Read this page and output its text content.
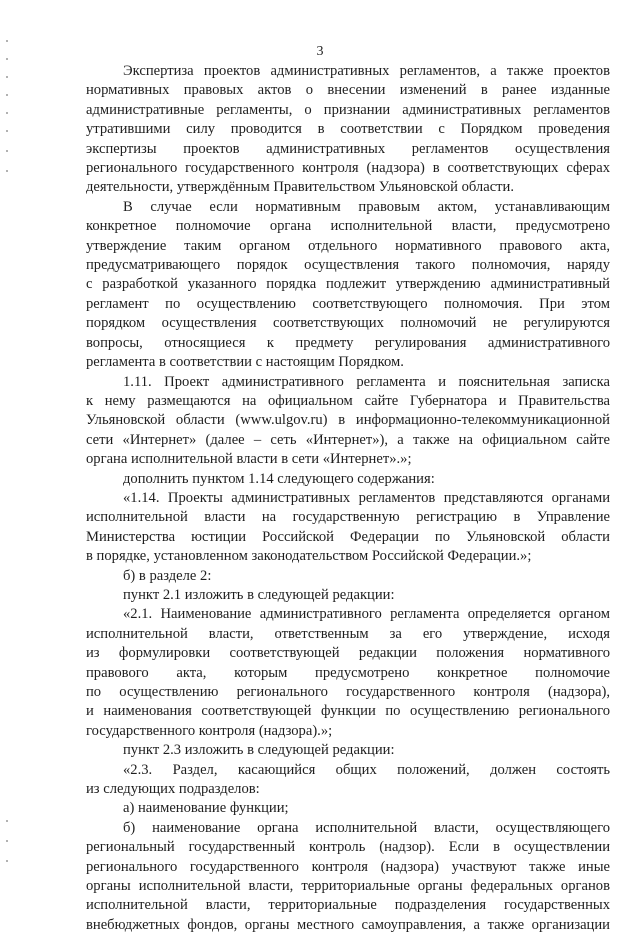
3
Экспертиза проектов административных регламентов, а также проектов
нормативных правовых актов о внесении изменений в ранее изданные
административные регламенты, о признании административных регламентов
утратившими силу проводится в соответствии с Порядком проведения
экспертизы проектов административных регламентов осуществления
регионального государственного контроля (надзора) в соответствующих сферах
деятельности, утверждённым Правительством Ульяновской области.
В случае если нормативным правовым актом, устанавливающим
конкретное полномочие органа исполнительной власти, предусмотрено
утверждение таким органом отдельного нормативного правового акта,
предусматривающего порядок осуществления такого полномочия, наряду
с разработкой указанного порядка подлежит утверждению административный
регламент по осуществлению соответствующего полномочия. При этом
порядком осуществления соответствующих полномочий не регулируются
вопросы, относящиеся к предмету регулирования административного
регламента в соответствии с настоящим Порядком.
1.11. Проект административного регламента и пояснительная записка
к нему размещаются на официальном сайте Губернатора и Правительства
Ульяновской области (www.ulgov.ru) в информационно-телекоммуникационной
сети «Интернет» (далее – сеть «Интернет»), а также на официальном сайте
органа исполнительной власти в сети «Интернет».»;
дополнить пунктом 1.14 следующего содержания:
«1.14. Проекты административных регламентов представляются органами
исполнительной власти на государственную регистрацию в Управление
Министерства юстиции Российской Федерации по Ульяновской области
в порядке, установленном законодательством Российской Федерации.»;
б) в разделе 2:
пункт 2.1 изложить в следующей редакции:
«2.1. Наименование административного регламента определяется органом
исполнительной власти, ответственным за его утверждение, исходя
из формулировки соответствующей редакции положения нормативного
правового акта, которым предусмотрено конкретное полномочие
по осуществлению регионального государственного контроля (надзора),
и наименования соответствующей функции по осуществлению регионального
государственного контроля (надзора).»;
пункт 2.3 изложить в следующей редакции:
«2.3. Раздел, касающийся общих положений, должен состоять
из следующих подразделов:
а) наименование функции;
б) наименование органа исполнительной власти, осуществляющего
региональный государственный контроль (надзор). Если в осуществлении
регионального государственного контроля (надзора) участвуют также иные
органы исполнительной власти, территориальные органы федеральных органов
исполнительной власти, территориальные подразделения государственных
внебюджетных фондов, органы местного самоуправления, а также организации
